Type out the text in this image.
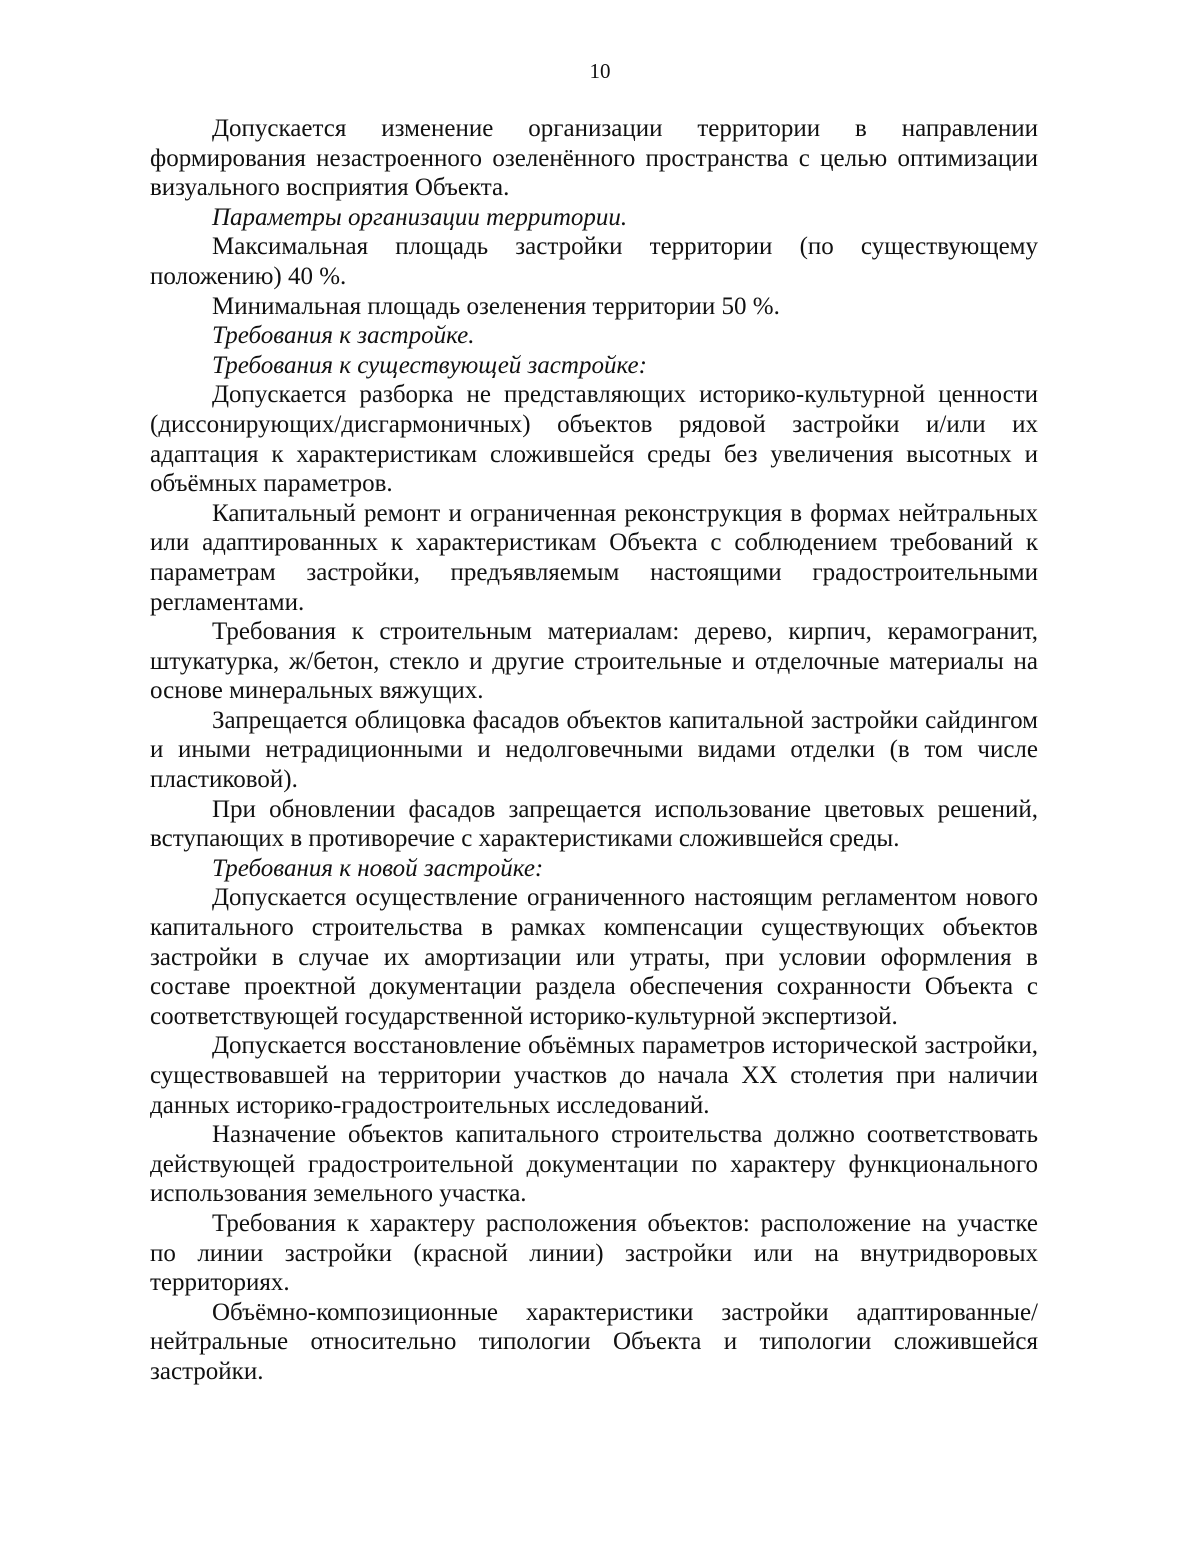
10

Допускается изменение организации территории в направлении формирования незастроенного озеленённого пространства с целью оптимизации визуального восприятия Объекта.

Параметры организации территории.

Максимальная площадь застройки территории (по существующему положению) 40 %.

Минимальная площадь озеленения территории 50 %.

Требования к застройке.

Требования к существующей застройке:

Допускается разборка не представляющих историко-культурной ценности (диссонирующих/дисгармоничных) объектов рядовой застройки и/или их адаптация к характеристикам сложившейся среды без увеличения высотных и объёмных параметров.

Капитальный ремонт и ограниченная реконструкция в формах нейтральных или адаптированных к характеристикам Объекта с соблюдением требований к параметрам застройки, предъявляемым настоящими градостроительными регламентами.

Требования к строительным материалам: дерево, кирпич, керамогранит, штукатурка, ж/бетон, стекло и другие строительные и отделочные материалы на основе минеральных вяжущих.

Запрещается облицовка фасадов объектов капитальной застройки сайдингом и иными нетрадиционными и недолговечными видами отделки (в том числе пластиковой).

При обновлении фасадов запрещается использование цветовых решений, вступающих в противоречие с характеристиками сложившейся среды.

Требования к новой застройке:

Допускается осуществление ограниченного настоящим регламентом нового капитального строительства в рамках компенсации существующих объектов застройки в случае их амортизации или утраты, при условии оформления в составе проектной документации раздела обеспечения сохранности Объекта с соответствующей государственной историко-культурной экспертизой.

Допускается восстановление объёмных параметров исторической застройки, существовавшей на территории участков до начала XX столетия при наличии данных историко-градостроительных исследований.

Назначение объектов капитального строительства должно соответствовать действующей градостроительной документации по характеру функционального использования земельного участка.

Требования к характеру расположения объектов: расположение на участке по линии застройки (красной линии) застройки или на внутридворовых территориях.

Объёмно-композиционные характеристики застройки адаптированные/ нейтральные относительно типологии Объекта и типологии сложившейся застройки.
